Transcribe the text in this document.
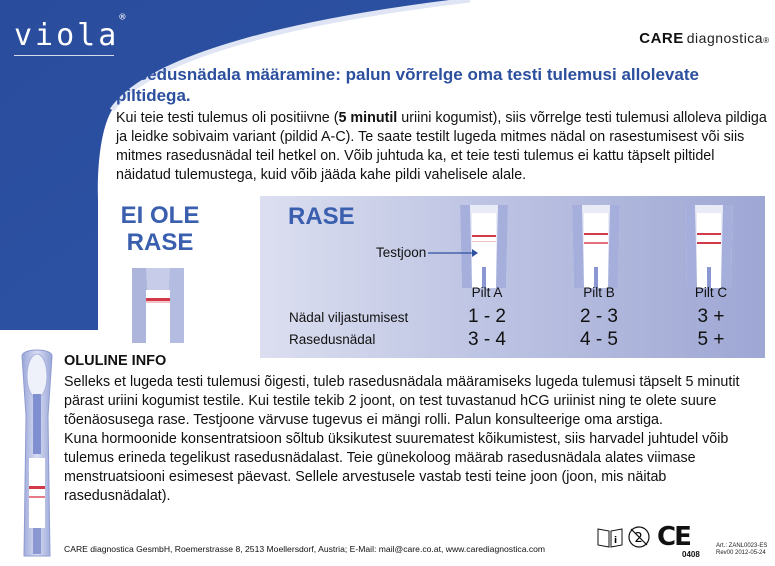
viola®
CARE diagnostica ®
Rasedusnädala määramine: palun võrrelge oma testi tulemusi allolevate piltidega.
Kui teie testi tulemus oli positiivne (5 minutil uriini kogumist), siis võrrelge testi tulemusi alloleva pildiga ja leidke sobivaim variant (pildid A-C). Te saate testilt lugeda mitmes nädal on rasestumisest või siis mitmes rasedusnädal teil hetkel on. Võib juhtuda ka, et teie testi tulemus ei kattu täpselt piltidel näidatud tulemustega, kuid võib jääda kahe pildi vahelisele alale.
EI OLE
RASE
RASE
Testjoon
Pilt A	Pilt B	Pilt C
Nädal viljastumisest	1 - 2	2 - 3	3 +
Rasedusnädal	3 - 4	4 - 5	5 +
OLULINE INFO
Selleks et lugeda testi tulemusi õigesti, tuleb rasedusnädala määramiseks lugeda tulemusi täpselt 5 minutit pärast uriini kogumist testile. Kui testile tekib 2 joont, on test tuvastanud hCG uriinist ning te olete suure tõenäosusega rase. Testjoone värvuse tugevus ei mängi rolli. Palun konsulteerige oma arstiga.
Kuna hormoonide konsentratsioon sõltub üksikutest suurematest kõikumistest, siis harvadel juhtudel võib tulemus erineda tegelikust rasedusnädalast. Teie günekoloog määrab rasedusnädala alates viimase menstruatsiooni esimesest päevast. Sellele arvestusele vastab testi teine joon (joon, mis näitab rasedusnädalat).
CARE diagnostica GesmbH, Roemerstrasse 8, 2513 Moellersdorf, Austria; E-Mail: mail@care.co.at, www.carediagnostica.com
i 2 CE
0408
Art.: ZANL0023-ES
Rev00 2012-05-24
